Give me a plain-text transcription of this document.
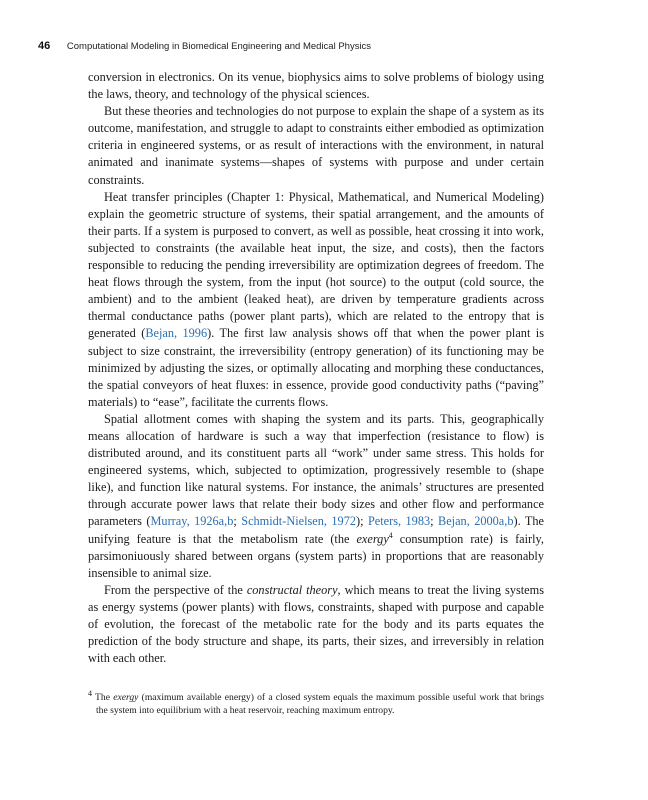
46 Computational Modeling in Biomedical Engineering and Medical Physics

conversion in electronics. On its venue, biophysics aims to solve problems of biology using the laws, theory, and technology of the physical sciences.

But these theories and technologies do not purpose to explain the shape of a system as its outcome, manifestation, and struggle to adapt to constraints either embodied as optimization criteria in engineered systems, or as result of interactions with the environment, in natural animated and inanimate systems—shapes of systems with purpose and under certain constraints.

Heat transfer principles (Chapter 1: Physical, Mathematical, and Numerical Modeling) explain the geometric structure of systems, their spatial arrangement, and the amounts of their parts. If a system is purposed to convert, as well as possible, heat crossing it into work, subjected to constraints (the available heat input, the size, and costs), then the factors responsible to reducing the pending irreversibility are optimization degrees of freedom. The heat flows through the system, from the input (hot source) to the output (cold source, the ambient) and to the ambient (leaked heat), are driven by temperature gradients across thermal conductance paths (power plant parts), which are related to the entropy that is generated (Bejan, 1996). The first law analysis shows off that when the power plant is subject to size constraint, the irreversibility (entropy generation) of its functioning may be minimized by adjusting the sizes, or optimally allocating and morphing these conductances, the spatial conveyors of heat fluxes: in essence, provide good conductivity paths (“paving” materials) to “ease”, facilitate the currents flows.

Spatial allotment comes with shaping the system and its parts. This, geographically means allocation of hardware is such a way that imperfection (resistance to flow) is distributed around, and its constituent parts all “work” under same stress. This holds for engineered systems, which, subjected to optimization, progressively resemble to (shape like), and function like natural systems. For instance, the animals’ structures are presented through accurate power laws that relate their body sizes and other flow and performance parameters (Murray, 1926a,b; Schmidt-Nielsen, 1972); Peters, 1983; Bejan, 2000a,b). The unifying feature is that the metabolism rate (the exergy$^4$ consumption rate) is fairly, parsimoniuously shared between organs (system parts) in proportions that are reasonably insensible to animal size.

From the perspective of the constructal theory, which means to treat the living systems as energy systems (power plants) with flows, constraints, shaped with purpose and capable of evolution, the forecast of the metabolic rate for the body and its parts equates the prediction of the body structure and shape, its parts, their sizes, and irreversibly in relation with each other.

$^4$ The exergy (maximum available energy) of a closed system equals the maximum possible useful work that brings the system into equilibrium with a heat reservoir, reaching maximum entropy.
